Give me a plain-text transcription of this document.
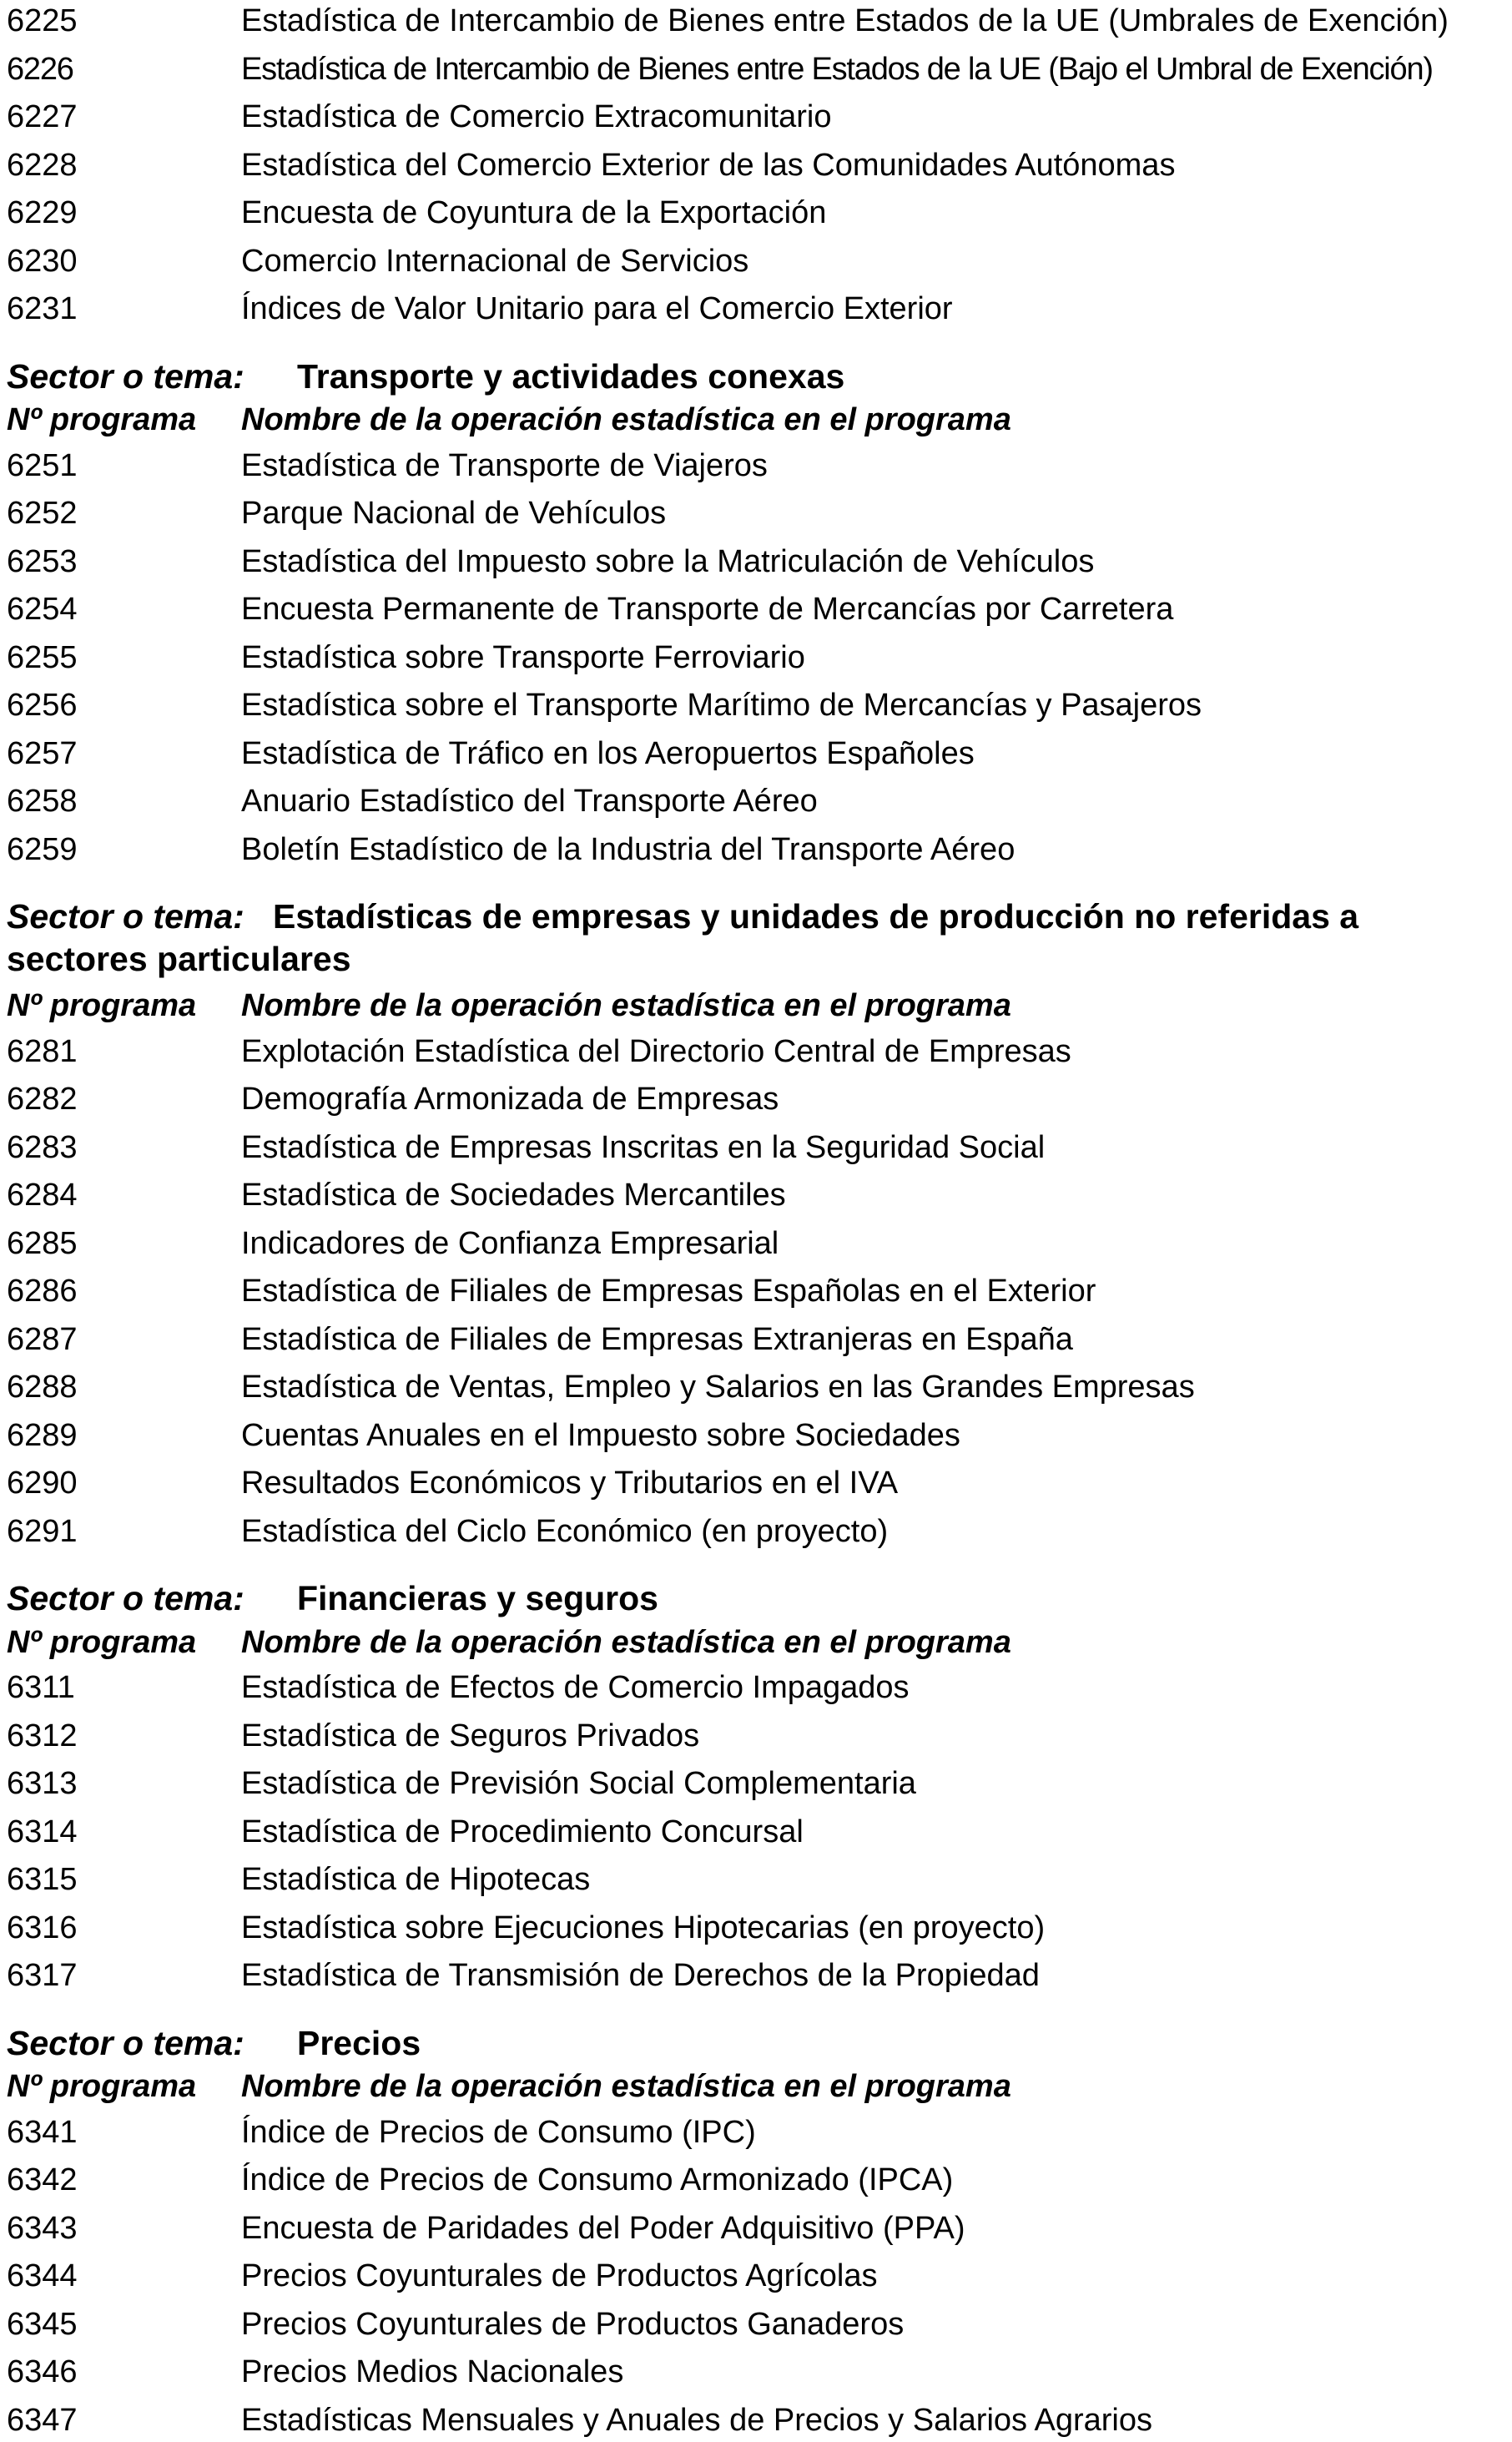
6225	Estadística de Intercambio de Bienes entre Estados de la UE (Umbrales de Exención)
6226	Estadística de Intercambio de Bienes entre Estados de la UE (Bajo el Umbral de Exención)
6227	Estadística de Comercio Extracomunitario
6228	Estadística del Comercio Exterior de las Comunidades Autónomas
6229	Encuesta de Coyuntura de la Exportación
6230	Comercio Internacional de Servicios
6231	Índices de Valor Unitario para el Comercio Exterior
Sector o tema: Transporte y actividades conexas
Nº programa Nombre de la operación estadística en el programa
6251	Estadística de Transporte de Viajeros
6252	Parque Nacional de Vehículos
6253	Estadística del Impuesto sobre la Matriculación de Vehículos
6254	Encuesta Permanente de Transporte de Mercancías por Carretera
6255	Estadística sobre Transporte Ferroviario
6256	Estadística sobre el Transporte Marítimo de Mercancías y Pasajeros
6257	Estadística de Tráfico en los Aeropuertos Españoles
6258	Anuario Estadístico del Transporte Aéreo
6259	Boletín Estadístico de la Industria del Transporte Aéreo
Sector o tema: Estadísticas de empresas y unidades de producción no referidas a
sectores particulares
Nº programa Nombre de la operación estadística en el programa
6281	Explotación Estadística del Directorio Central de Empresas
6282	Demografía Armonizada de Empresas
6283	Estadística de Empresas Inscritas en la Seguridad Social
6284	Estadística de Sociedades Mercantiles
6285	Indicadores de Confianza Empresarial
6286	Estadística de Filiales de Empresas Españolas en el Exterior
6287	Estadística de Filiales de Empresas Extranjeras en España
6288	Estadística de Ventas, Empleo y Salarios en las Grandes Empresas
6289	Cuentas Anuales en el Impuesto sobre Sociedades
6290	Resultados Económicos y Tributarios en el IVA
6291	Estadística del Ciclo Económico (en proyecto)
Sector o tema: Financieras y seguros
Nº programa Nombre de la operación estadística en el programa
6311	Estadística de Efectos de Comercio Impagados
6312	Estadística de Seguros Privados
6313	Estadística de Previsión Social Complementaria
6314	Estadística de Procedimiento Concursal
6315	Estadística de Hipotecas
6316	Estadística sobre Ejecuciones Hipotecarias (en proyecto)
6317	Estadística de Transmisión de Derechos de la Propiedad
Sector o tema: Precios
Nº programa Nombre de la operación estadística en el programa
6341	Índice de Precios de Consumo (IPC)
6342	Índice de Precios de Consumo Armonizado (IPCA)
6343	Encuesta de Paridades del Poder Adquisitivo (PPA)
6344	Precios Coyunturales de Productos Agrícolas
6345	Precios Coyunturales de Productos Ganaderos
6346	Precios Medios Nacionales
6347	Estadísticas Mensuales y Anuales de Precios y Salarios Agrarios
